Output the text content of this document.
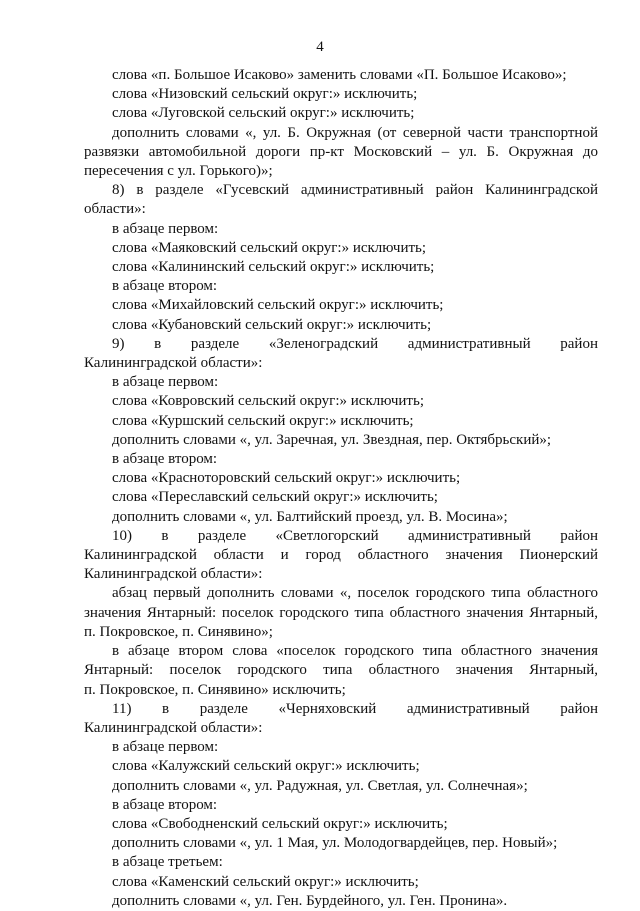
4
слова «п. Большое Исаково» заменить словами «П. Большое Исаково»;
слова «Низовский сельский округ:» исключить;
слова «Луговской сельский округ:» исключить;
дополнить словами «, ул. Б. Окружная (от северной части транспортной
развязки автомобильной дороги пр-кт Московский – ул. Б. Окружная до
пересечения с ул. Горького)»;
8) в разделе «Гусевский административный район Калининградской
области»:
в абзаце первом:
слова «Маяковский сельский округ:» исключить;
слова «Калининский сельский округ:» исключить;
в абзаце втором:
слова «Михайловский сельский округ:» исключить;
слова «Кубановский сельский округ:» исключить;
9) в разделе «Зеленоградский административный район
Калининградской области»:
в абзаце первом:
слова «Ковровский сельский округ:» исключить;
слова «Куршский сельский округ:» исключить;
дополнить словами «, ул. Заречная, ул. Звездная, пер. Октябрьский»;
в абзаце втором:
слова «Красноторовский сельский округ:» исключить;
слова «Переславский сельский округ:» исключить;
дополнить словами «, ул. Балтийский проезд, ул. В. Мосина»;
10) в разделе «Светлогорский административный район
Калининградской области и город областного значения Пионерский
Калининградской области»:
абзац первый дополнить словами «, поселок городского типа областного
значения Янтарный: поселок городского типа областного значения Янтарный,
п. Покровское, п. Синявино»;
в абзаце втором слова «поселок городского типа областного значения
Янтарный: поселок городского типа областного значения Янтарный,
п. Покровское, п. Синявино» исключить;
11) в разделе «Черняховский административный район
Калининградской области»:
в абзаце первом:
слова «Калужский сельский округ:» исключить;
дополнить словами «, ул. Радужная, ул. Светлая, ул. Солнечная»;
в абзаце втором:
слова «Свободненский сельский округ:» исключить;
дополнить словами «, ул. 1 Мая, ул. Молодогвардейцев, пер. Новый»;
в абзаце третьем:
слова «Каменский сельский округ:» исключить;
дополнить словами «, ул. Ген. Бурдейного, ул. Ген. Пронина».
